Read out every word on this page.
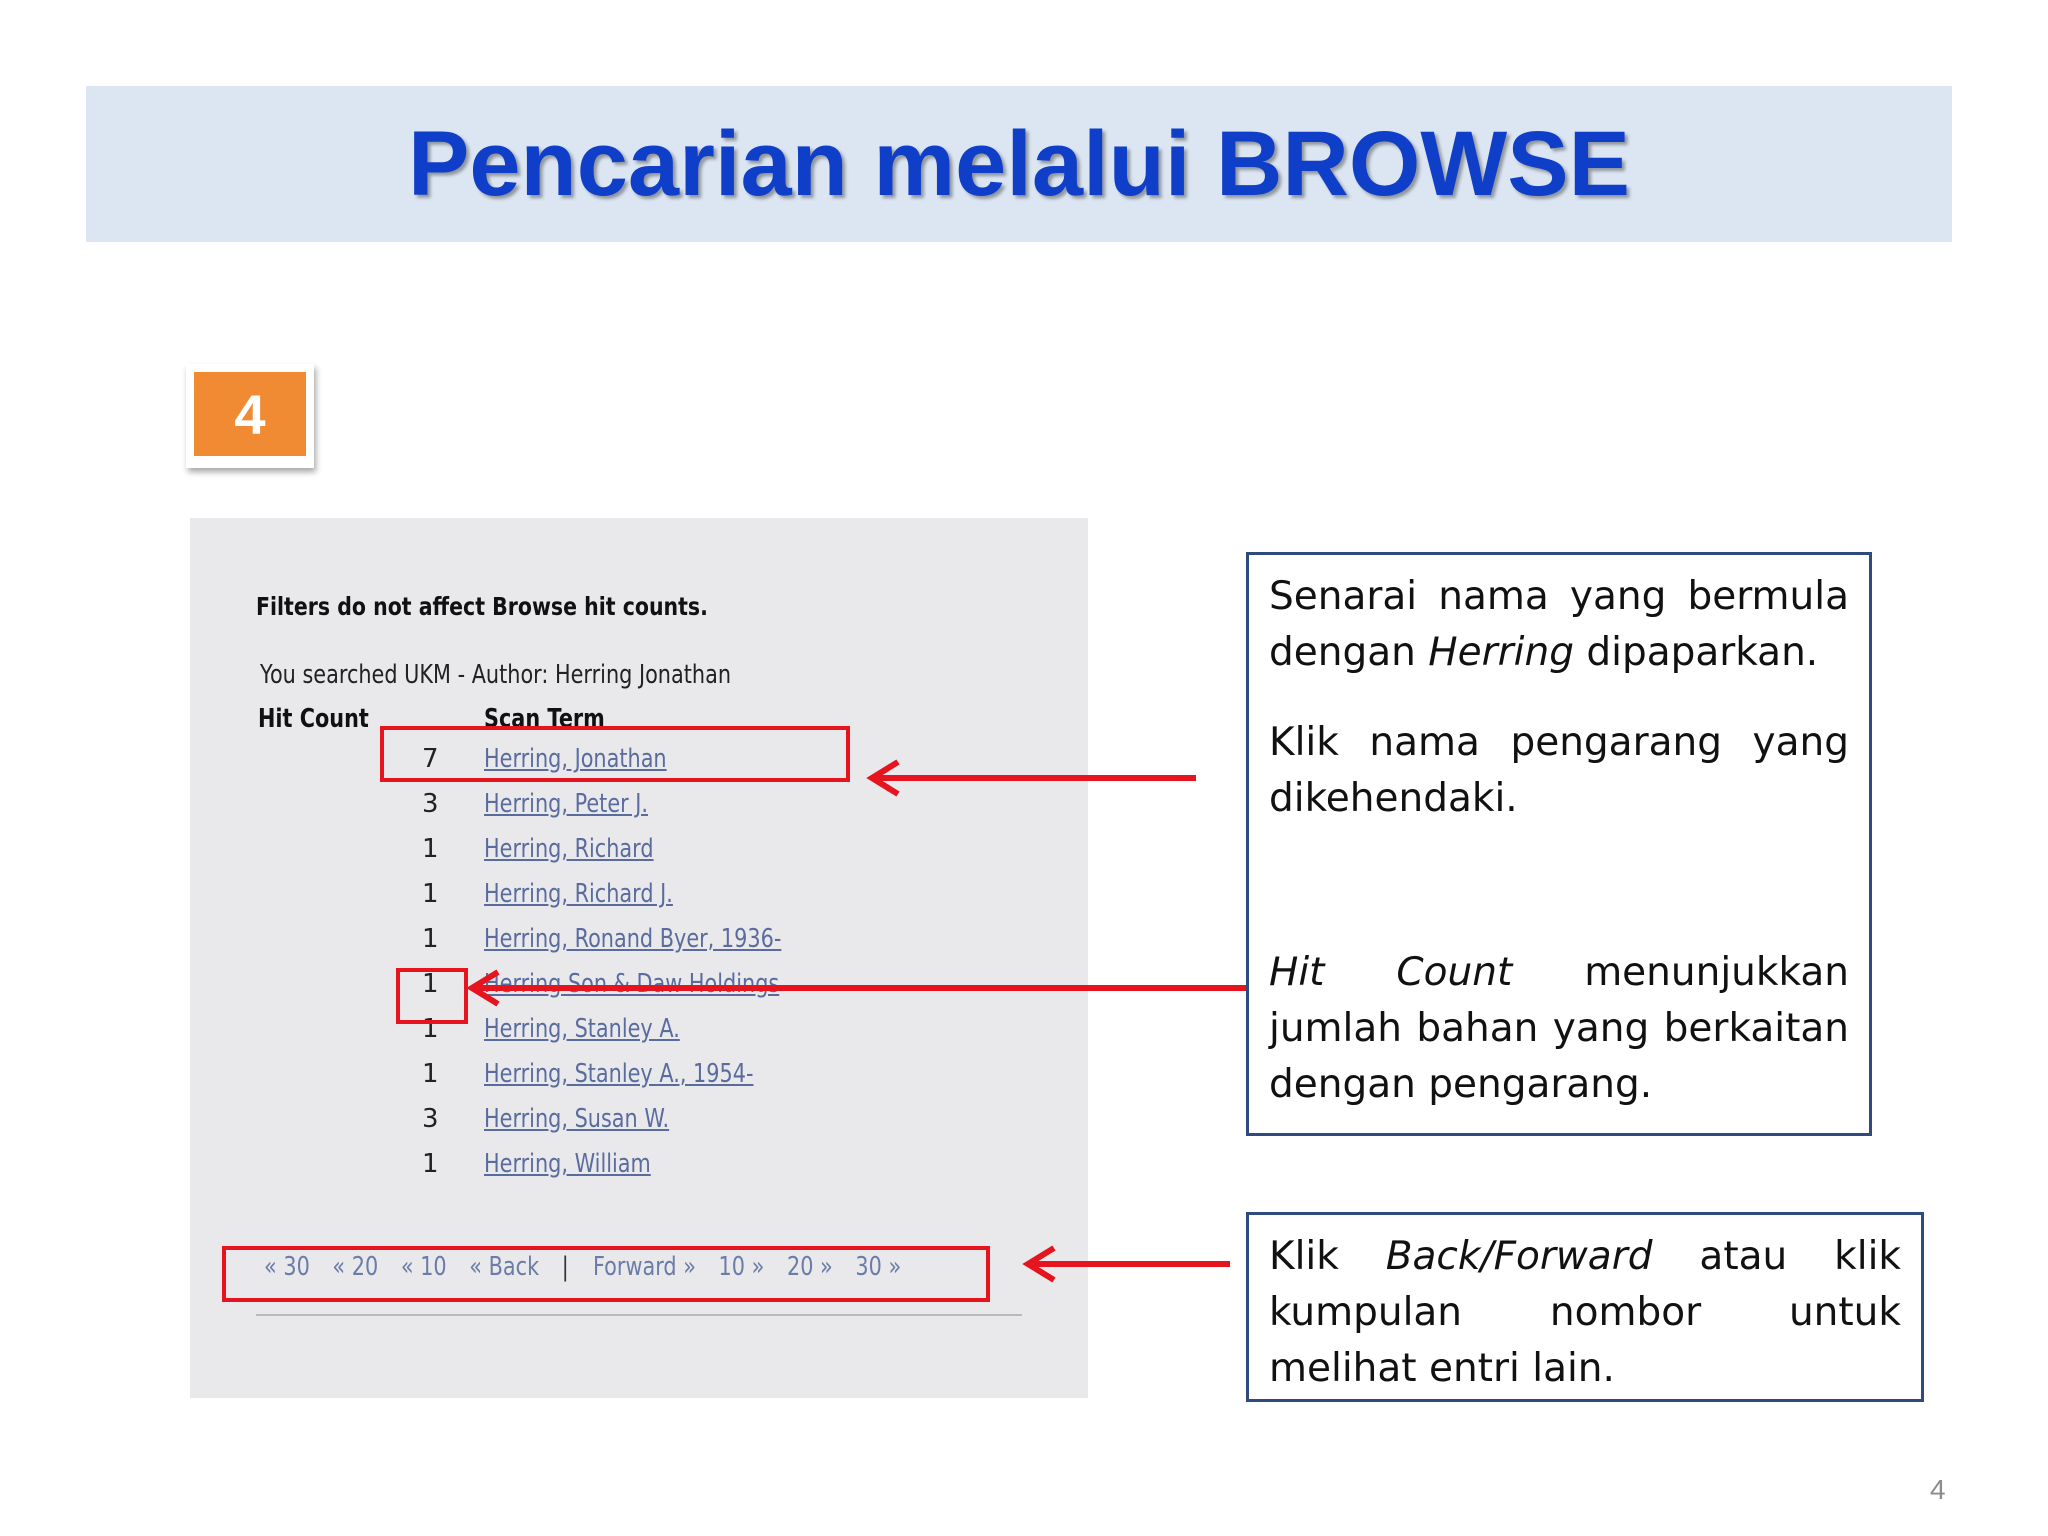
Pencarian melalui BROWSE
4
Filters do not affect Browse hit counts.
You searched UKM - Author: Herring Jonathan
Hit Count	Scan Term
7 Herring, Jonathan
3 Herring, Peter J.
1 Herring, Richard
1 Herring, Richard J.
1 Herring, Ronand Byer, 1936-
1 Herring Son & Daw Holdings
1 Herring, Stanley A.
1 Herring, Stanley A., 1954-
3 Herring, Susan W.
1 Herring, William
« 30 « 20 « 10 « Back | Forward » 10 » 20 » 30 »

Senarai nama yang bermula dengan Herring dipaparkan.

Klik nama pengarang yang dikehendaki.

Hit Count menunjukkan jumlah bahan yang berkaitan dengan pengarang.

Klik Back/Forward atau klik kumpulan nombor untuk melihat entri lain.

4
